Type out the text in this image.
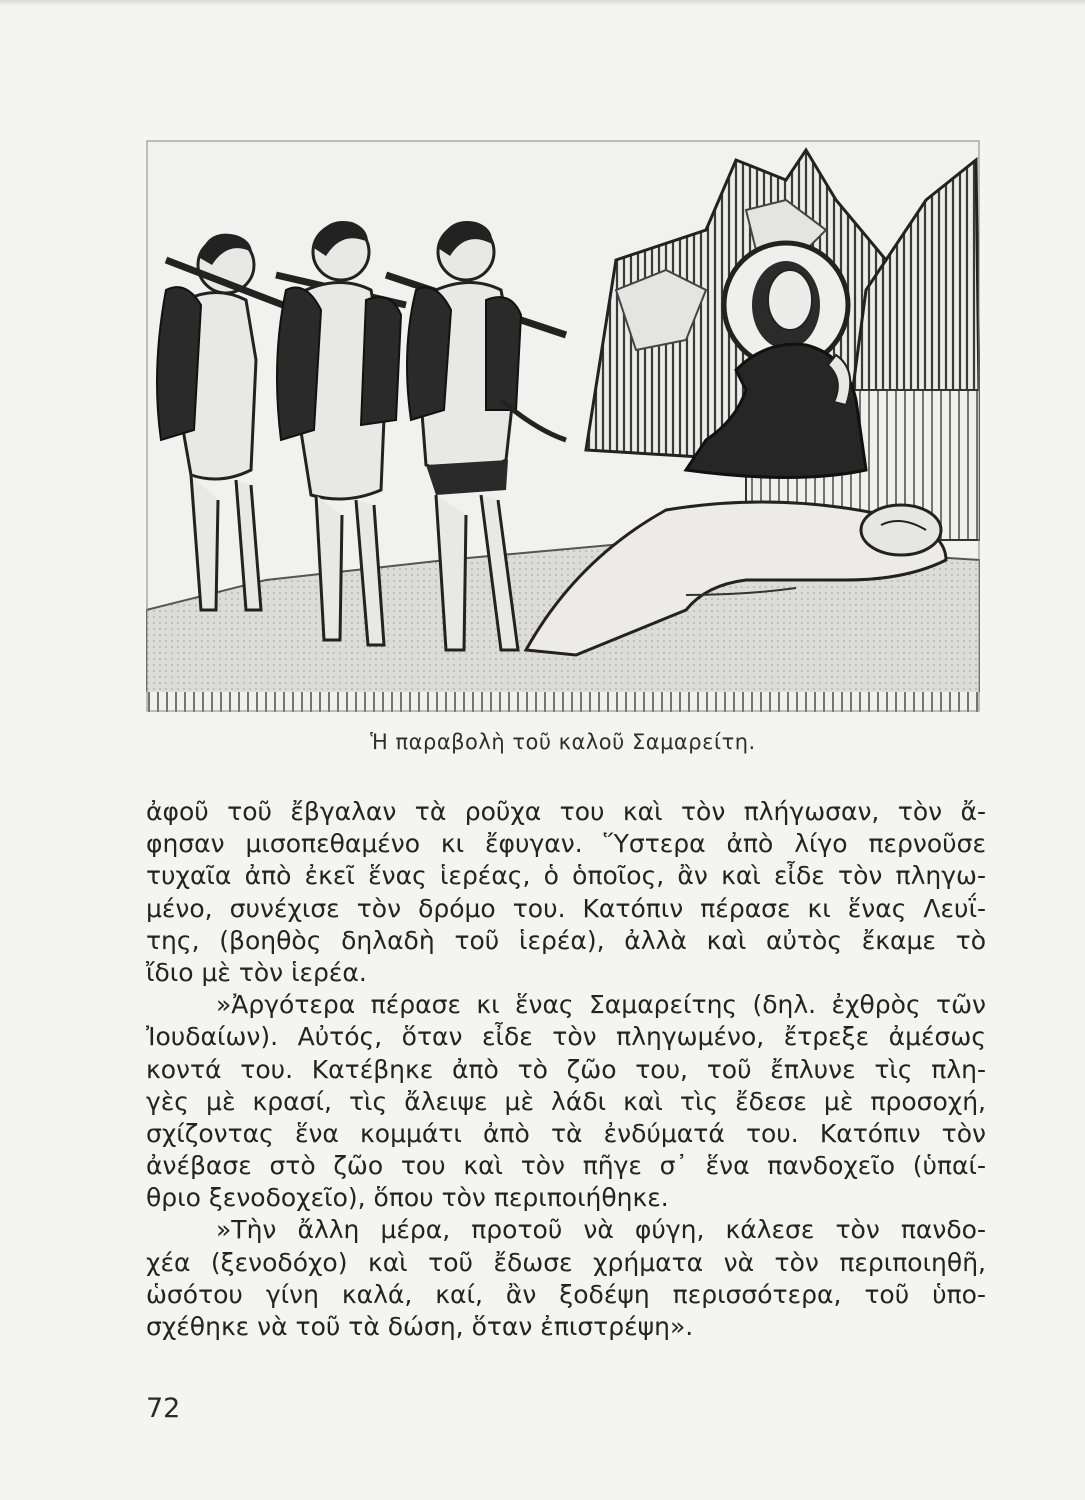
Ἡ παραβολὴ τοῦ καλοῦ Σαμαρείτη.
ἀφοῦ τοῦ ἔβγαλαν τὰ ροῦχα του καὶ τὸν πλήγωσαν, τὸν ἄ-
φησαν μισοπεθαμένο κι ἔφυγαν. Ὕστερα ἀπὸ λίγο περνοῦσε
τυχαῖα ἀπὸ ἐκεῖ ἕνας ἱερέας, ὁ ὁποῖος, ἂν καὶ εἶδε τὸν πληγω-
μένο, συνέχισε τὸν δρόμο του. Κατόπιν πέρασε κι ἕνας Λευΐ-
της, (βοηθὸς δηλαδὴ τοῦ ἱερέα), ἀλλὰ καὶ αὐτὸς ἔκαμε τὸ
ἴδιο μὲ τὸν ἱερέα.
»Ἀργότερα πέρασε κι ἕνας Σαμαρείτης (δηλ. ἐχθρὸς τῶν
Ἰουδαίων). Αὐτός, ὅταν εἶδε τὸν πληγωμένο, ἔτρεξε ἀμέσως
κοντά του. Κατέβηκε ἀπὸ τὸ ζῶο του, τοῦ ἔπλυνε τὶς πλη-
γὲς μὲ κρασί, τὶς ἄλειψε μὲ λάδι καὶ τὶς ἔδεσε μὲ προσοχή,
σχίζοντας ἕνα κομμάτι ἀπὸ τὰ ἐνδύματά του. Κατόπιν τὸν
ἀνέβασε στὸ ζῶο του καὶ τὸν πῆγε σ᾿ ἕνα πανδοχεῖο (ὑπαί-
θριο ξενοδοχεῖο), ὅπου τὸν περιποιήθηκε.
»Τὴν ἄλλη μέρα, προτοῦ νὰ φύγη, κάλεσε τὸν πανδο-
χέα (ξενοδόχο) καὶ τοῦ ἔδωσε χρήματα νὰ τὸν περιποιηθῆ,
ὡσότου γίνη καλά, καί, ἂν ξοδέψη περισσότερα, τοῦ ὑπο-
σχέθηκε νὰ τοῦ τὰ δώση, ὅταν ἐπιστρέψη».
72
